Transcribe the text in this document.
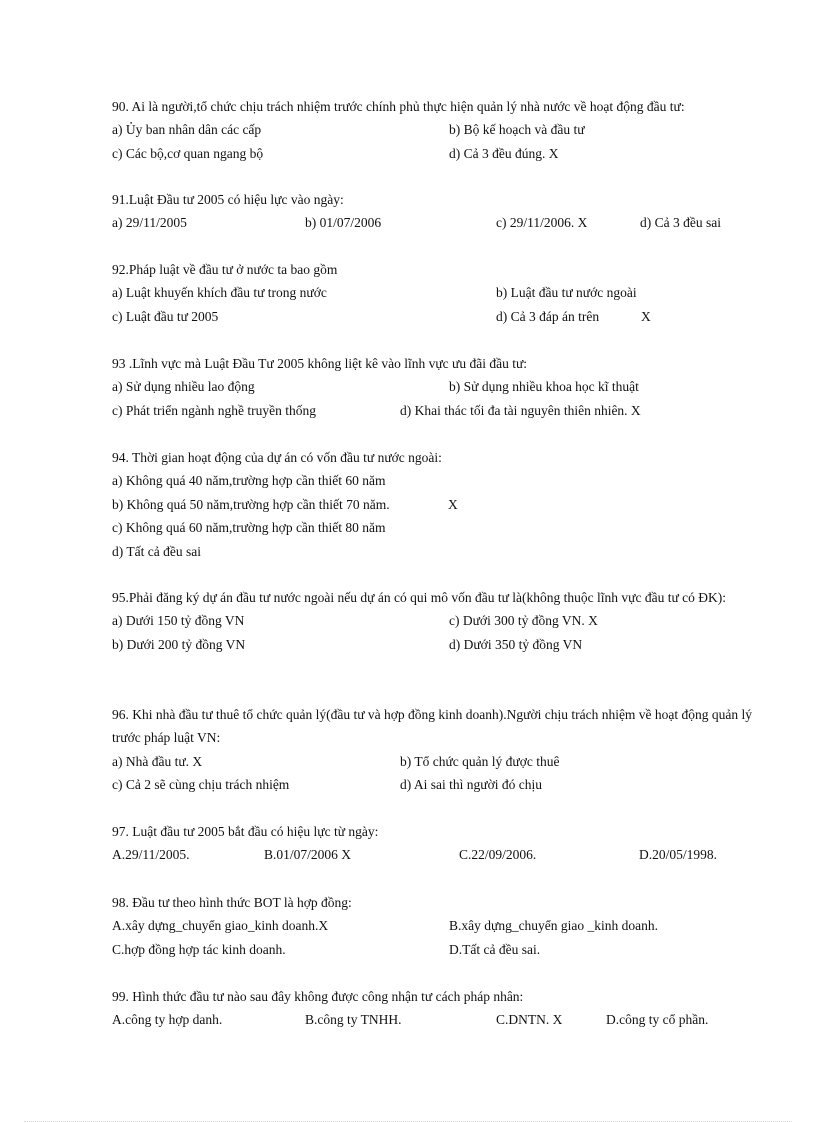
90. Ai là người,tổ chức chịu trách nhiệm trước chính phủ thực hiện quản lý nhà nước về hoạt động đầu tư:
a) Ủy ban nhân dân các cấp	b) Bộ kế hoạch và đầu tư
c) Các bộ,cơ quan ngang bộ	d) Cả 3 đều đúng. X
91.Luật Đầu tư 2005 có hiệu lực vào ngày:
a) 29/11/2005	b) 01/07/2006	c) 29/11/2006. X	d) Cả 3 đều sai
92.Pháp luật về đầu tư ở nước ta bao gồm
a) Luật khuyến khích đầu tư trong nước	b) Luật đầu tư nước ngoài
c) Luật đầu tư 2005	d) Cả 3 đáp án trên	X
93 .Lĩnh vực mà Luật Đầu Tư 2005 không liệt kê vào lĩnh vực ưu đãi đầu tư:
a) Sử dụng nhiều lao động	b) Sử dụng nhiều khoa học kĩ thuật
c) Phát triển ngành nghề truyền thống	d) Khai thác tối đa tài nguyên thiên nhiên. X
94. Thời gian hoạt động của dự án có vốn đầu tư nước ngoài:
a) Không quá 40 năm,trường hợp cần thiết 60 năm
b) Không quá 50 năm,trường hợp cần thiết 70 năm.	X
c) Không quá 60 năm,trường hợp cần thiết 80 năm
d) Tất cả đều sai
95.Phải đăng ký dự án đầu tư nước ngoài nếu dự án có qui mô vốn đầu tư là(không thuộc lĩnh vực đầu tư có ĐK):
a) Dưới 150 tỷ đồng VN	c) Dưới 300 tỷ đồng VN. X
b) Dưới 200 tỷ đồng VN	d) Dưới 350 tỷ đồng VN
96. Khi nhà đầu tư thuê tổ chức quản lý(đầu tư và hợp đồng kinh doanh).Người chịu trách nhiệm về hoạt động quản lý trước pháp luật VN:
a) Nhà đầu tư. X	b) Tổ chức quản lý được thuê
c) Cả 2 sẽ cùng chịu trách nhiệm	d) Ai sai thì người đó chịu
97. Luật đầu tư 2005 bắt đầu có hiệu lực từ ngày:
A.29/11/2005.	B.01/07/2006 X	C.22/09/2006.	D.20/05/1998.
98. Đầu tư theo hình thức BOT là hợp đồng:
A.xây dựng_chuyển giao_kinh doanh.X	B.xây dựng_chuyển giao _kinh doanh.
C.hợp đồng hợp tác kinh doanh.	D.Tất cả đều sai.
99. Hình thức đầu tư nào sau đây không được công nhận tư cách pháp nhân:
A.công ty hợp danh.	B.công ty TNHH.	C.DNTN. X	D.công ty cổ phần.
